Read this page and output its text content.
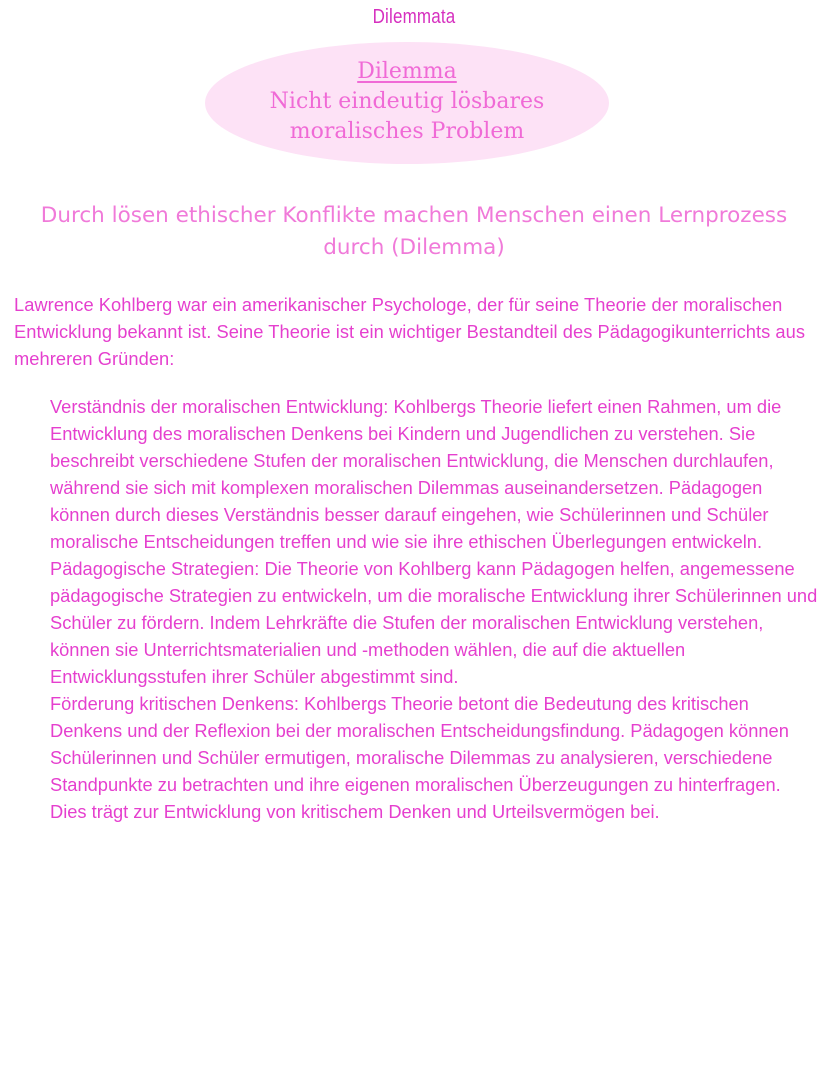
Dilemmata
Dilemma
Nicht eindeutig lösbares moralisches Problem
Durch lösen ethischer Konflikte machen Menschen einen Lernprozess durch (Dilemma)

Lawrence Kohlberg war ein amerikanischer Psychologe, der für seine Theorie der moralischen Entwicklung bekannt ist. Seine Theorie ist ein wichtiger Bestandteil des Pädagogikunterrichts aus mehreren Gründen:

Verständnis der moralischen Entwicklung: Kohlbergs Theorie liefert einen Rahmen, um die Entwicklung des moralischen Denkens bei Kindern und Jugendlichen zu verstehen. Sie beschreibt verschiedene Stufen der moralischen Entwicklung, die Menschen durchlaufen, während sie sich mit komplexen moralischen Dilemmas auseinandersetzen. Pädagogen können durch dieses Verständnis besser darauf eingehen, wie Schülerinnen und Schüler moralische Entscheidungen treffen und wie sie ihre ethischen Überlegungen entwickeln.
Pädagogische Strategien: Die Theorie von Kohlberg kann Pädagogen helfen, angemessene pädagogische Strategien zu entwickeln, um die moralische Entwicklung ihrer Schülerinnen und Schüler zu fördern. Indem Lehrkräfte die Stufen der moralischen Entwicklung verstehen, können sie Unterrichtsmaterialien und -methoden wählen, die auf die aktuellen Entwicklungsstufen ihrer Schüler abgestimmt sind.
Förderung kritischen Denkens: Kohlbergs Theorie betont die Bedeutung des kritischen Denkens und der Reflexion bei der moralischen Entscheidungsfindung. Pädagogen können Schülerinnen und Schüler ermutigen, moralische Dilemmas zu analysieren, verschiedene Standpunkte zu betrachten und ihre eigenen moralischen Überzeugungen zu hinterfragen. Dies trägt zur Entwicklung von kritischem Denken und Urteilsvermögen bei.
